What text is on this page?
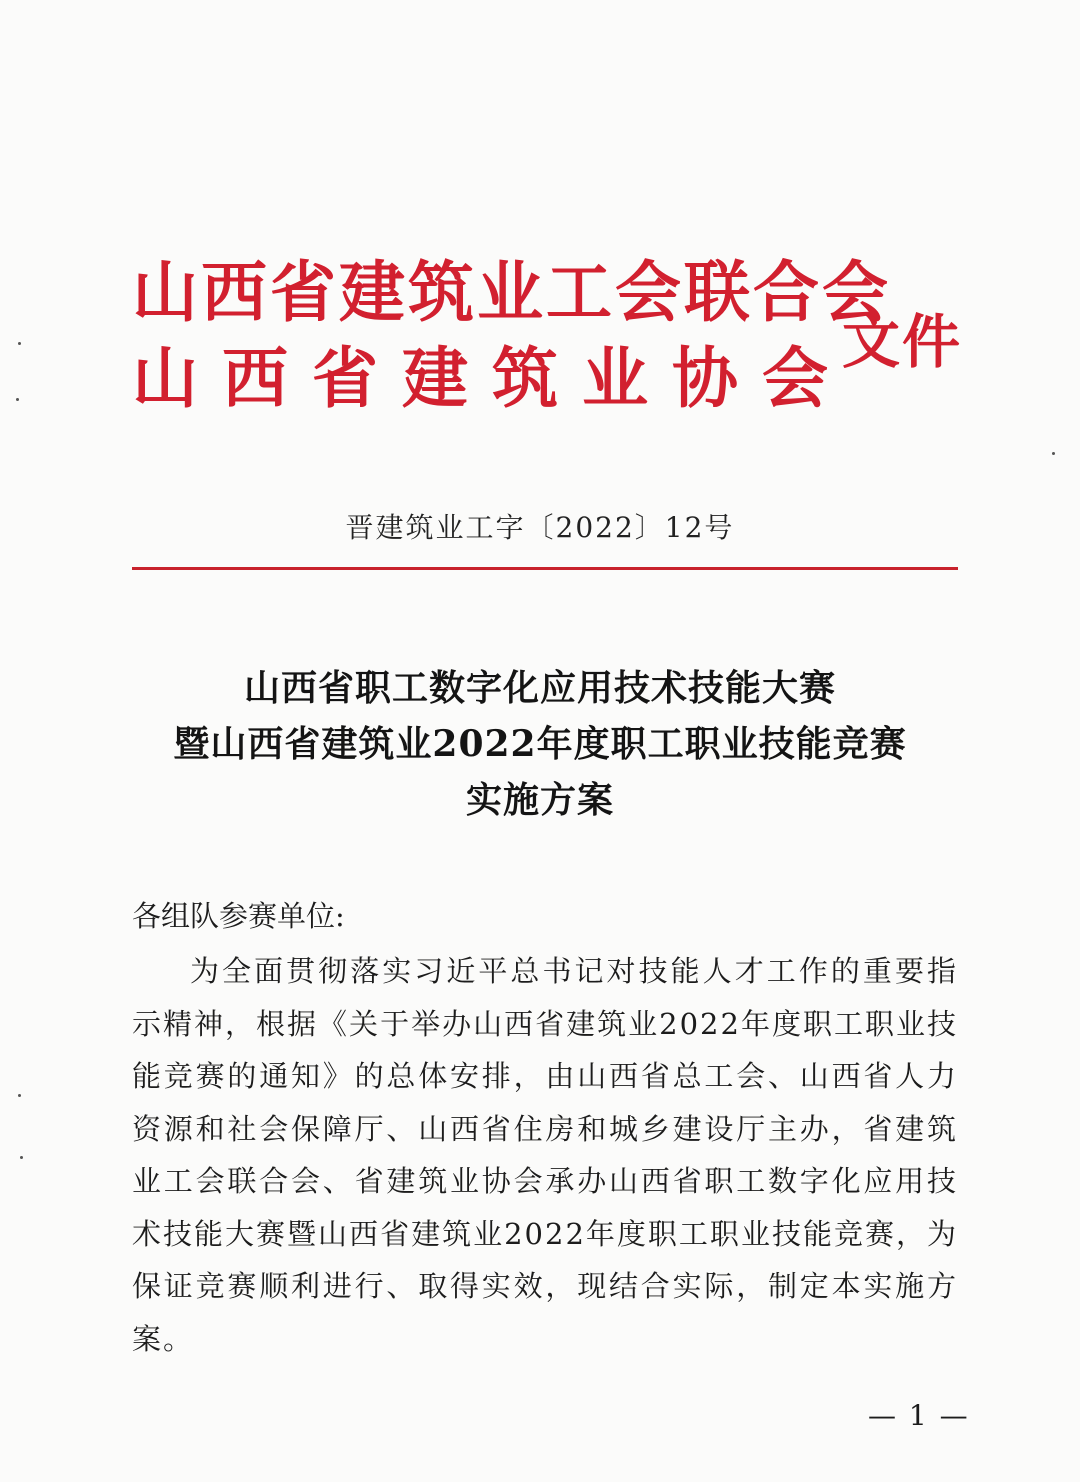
山西省建筑业工会联合会
山西省建筑业协会
文件
晋建筑业工字〔2022〕12号
山西省职工数字化应用技术技能大赛
暨山西省建筑业2022年度职工职业技能竞赛
实施方案
各组队参赛单位:

为全面贯彻落实习近平总书记对技能人才工作的重要指示精神，根据《关于举办山西省建筑业2022年度职工职业技能竞赛的通知》的总体安排，由山西省总工会、山西省人力资源和社会保障厅、山西省住房和城乡建设厅主办，省建筑业工会联合会、省建筑业协会承办山西省职工数字化应用技术技能大赛暨山西省建筑业2022年度职工职业技能竞赛，为保证竞赛顺利进行、取得实效，现结合实际，制定本实施方案。

— 1 —
